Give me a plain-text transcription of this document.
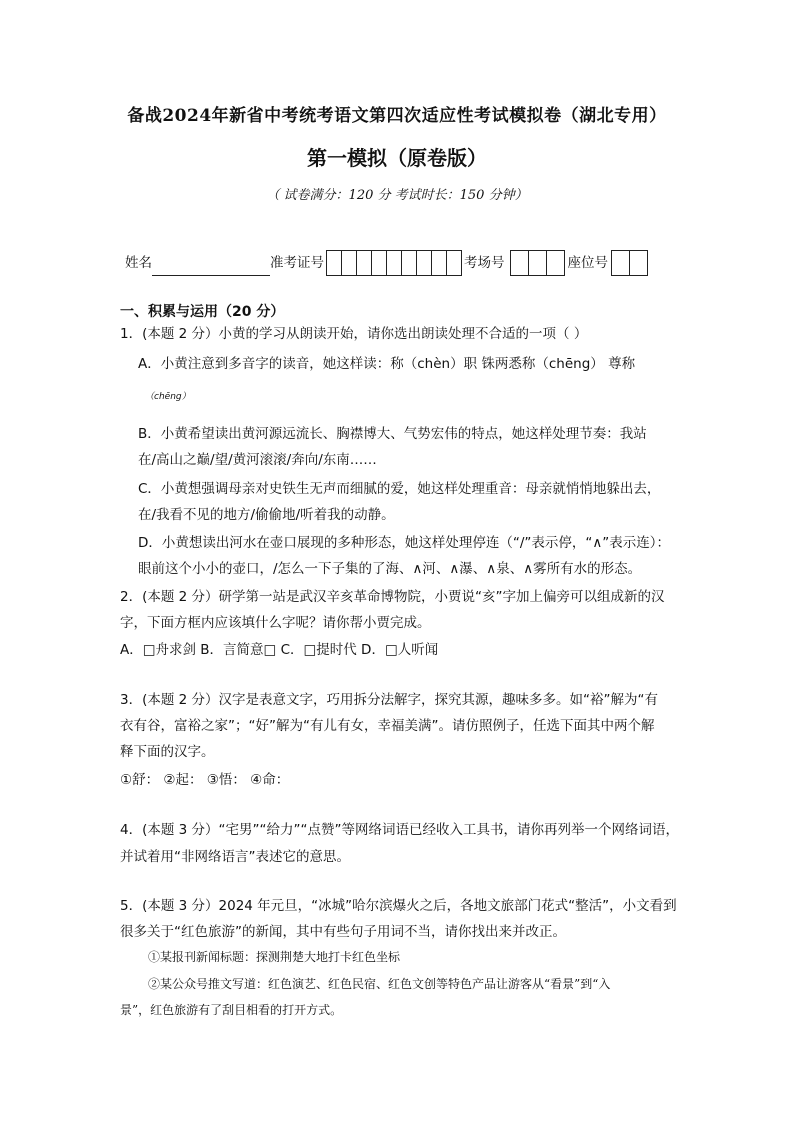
备战2024年新省中考统考语文第四次适应性考试模拟卷（湖北专用）
第一模拟（原卷版）
（ 试卷满分：120 分 考试时长：150 分钟）
姓名	准考证号	考场号	座位号
一、积累与运用（20 分）
1．(本题 2 分）小黄的学习从朗读开始，请你选出朗读处理不合适的一项（ ）
A．小黄注意到多音字的读音，她这样读：称（chèn）职 铢两悉称（chēng） 尊称
（chēng）
B．小黄希望读出黄河源远流长、胸襟博大、气势宏伟的特点，她这样处理节奏：我站
在/高山之巅/望/黄河滚滚/奔向/东南……
C．小黄想强调母亲对史铁生无声而细腻的爱，她这样处理重音：母亲就悄悄地躲出去，
在/我看不见的地方/偷偷地/听着我的动静。
D．小黄想读出河水在壶口展现的多种形态，她这样处理停连（“/”表示停，“∧”表示连）：
眼前这个小小的壶口，/怎么一下子集的了海、∧河、∧瀑、∧泉、∧雾所有水的形态。
2．(本题 2 分）研学第一站是武汉辛亥革命博物院，小贾说“亥”字加上偏旁可以组成新的汉
字，下面方框内应该填什么字呢？请你帮小贾完成。
A．□舟求剑 B．言简意□ C．□提时代 D．□人听闻
3．(本题 2 分）汉字是表意文字，巧用拆分法解字，探究其源，趣味多多。如“裕”解为“有
衣有谷，富裕之家”；“好”解为“有儿有女，幸福美满”。请仿照例子，任选下面其中两个解
释下面的汉字。
①舒： ②起： ③悟： ④命：
4．(本题 3 分）“宅男”“给力”“点赞”等网络词语已经收入工具书，请你再列举一个网络词语，
并试着用“非网络语言”表述它的意思。
5．(本题 3 分）2024 年元旦，“冰城”哈尔滨爆火之后，各地文旅部门花式“整活”，小文看到
很多关于“红色旅游”的新闻，其中有些句子用词不当，请你找出来并改正。
①某报刊新闻标题：探测荆楚大地打卡红色坐标
②某公众号推文写道：红色演艺、红色民宿、红色文创等特色产品让游客从“看景”到“入
景”，红色旅游有了刮目相看的打开方式。
